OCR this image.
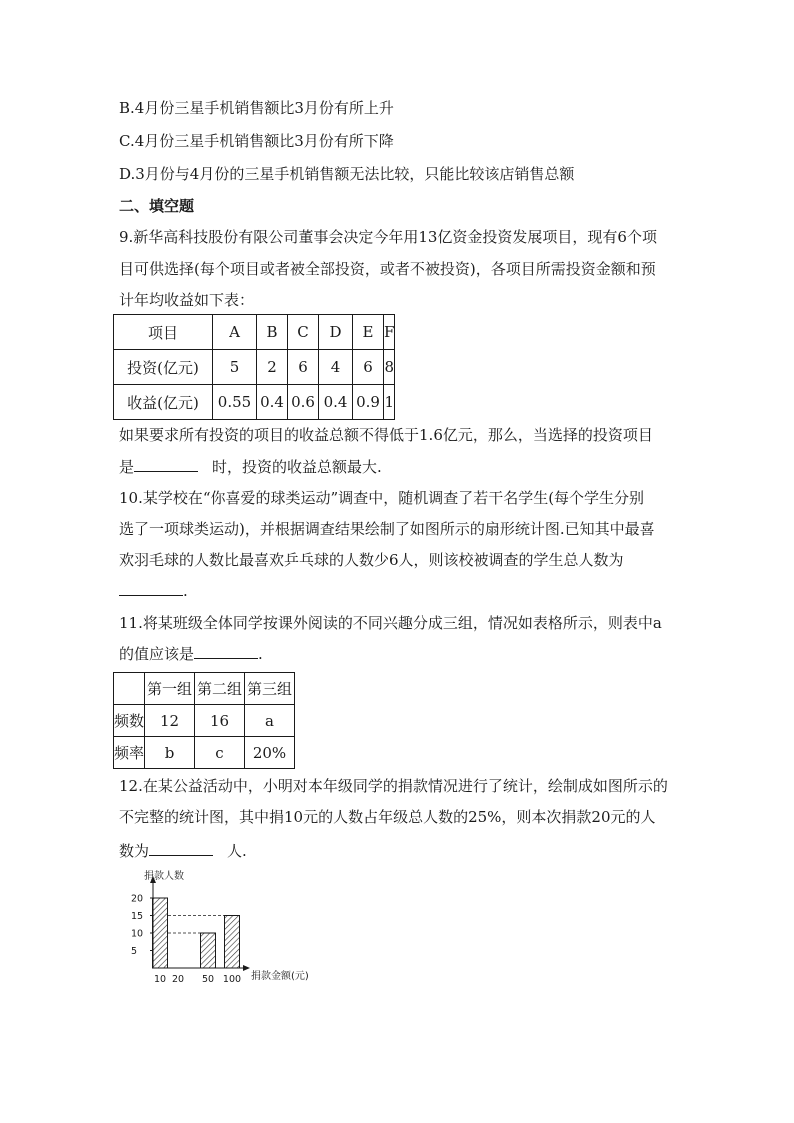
B.4月份三星手机销售额比3月份有所上升
C.4月份三星手机销售额比3月份有所下降
D.3月份与4月份的三星手机销售额无法比较，只能比较该店销售总额
二、填空题
9.新华高科技股份有限公司董事会决定今年用13亿资金投资发展项目，现有6个项
目可供选择(每个项目或者被全部投资，或者不被投资)，各项目所需投资金额和预
计年均收益如下表：
项目	A	B	C	D	E	F
投资(亿元)	5	2	6	4	6	8
收益(亿元)	0.55	0.4	0.6	0.4	0.9	1
如果要求所有投资的项目的收益总额不得低于1.6亿元，那么，当选择的投资项目
是	时，投资的收益总额最大.
10.某学校在“你喜爱的球类运动”调查中，随机调查了若干名学生(每个学生分别
选了一项球类运动)，并根据调查结果绘制了如图所示的扇形统计图.已知其中最喜
欢羽毛球的人数比最喜欢乒乓球的人数少6人，则该校被调查的学生总人数为
.
11.将某班级全体同学按课外阅读的不同兴趣分成三组，情况如表格所示，则表中a
的值应该是	.
	第一组	第二组	第三组
频数	12	16	a
频率	b	c	20%
12.在某公益活动中，小明对本年级同学的捐款情况进行了统计，绘制成如图所示的
不完整的统计图，其中捐10元的人数占年级总人数的25%，则本次捐款20元的人
数为	人.
5
10
15
20
10 20 50 100
捐款人数
捐款金额(元)
